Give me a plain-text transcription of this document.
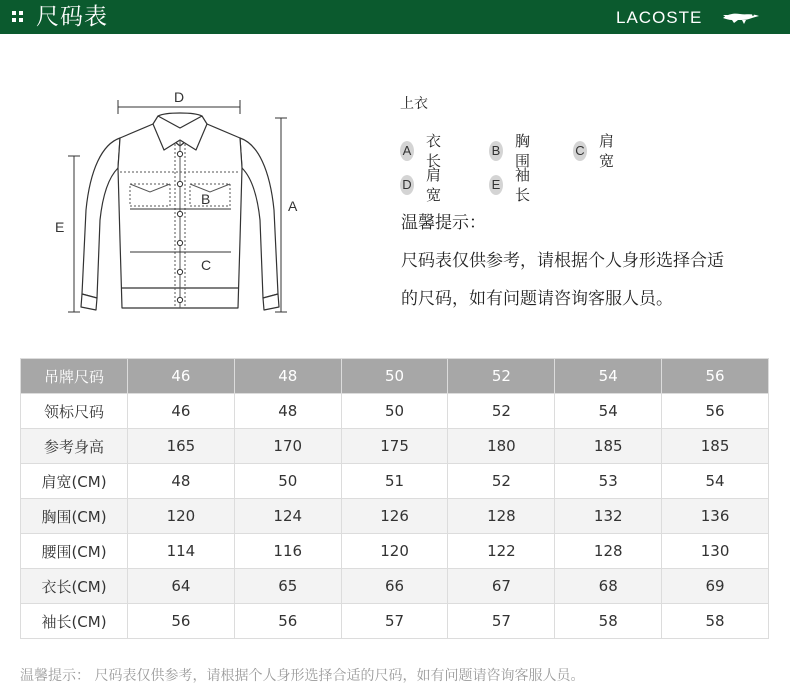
尺码表	LACOSTE
D
E
A
B
C
上衣
A
衣长
B
胸围
C
肩宽
D
肩宽
E
袖长
温馨提示：
尺码表仅供参考，请根据个人身形选择合适
的尺码，如有问题请咨询客服人员。
吊牌尺码	46	48	50	52	54	56
领标尺码	46	48	50	52	54	56
参考身高	165	170	175	180	185	185
肩宽(CM)	48	50	51	52	53	54
胸围(CM)	120	124	126	128	132	136
腰围(CM)	114	116	120	122	128	130
衣长(CM)	64	65	66	67	68	69
袖长(CM)	56	56	57	57	58	58
温馨提示： 尺码表仅供参考，请根据个人身形选择合适的尺码，如有问题请咨询客服人员。
